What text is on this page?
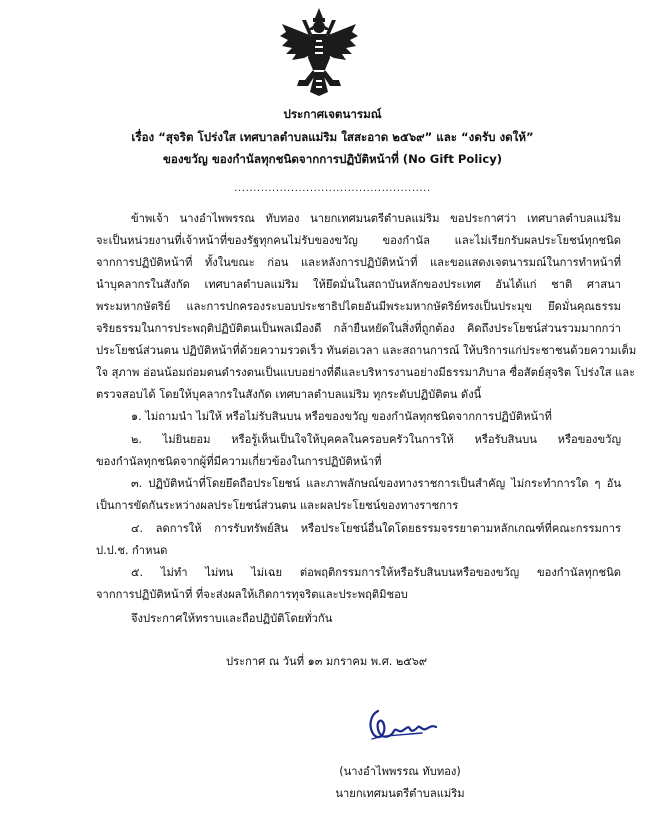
ประกาศเจตนารมณ์
เรื่อง “สุจริต โปร่งใส เทศบาลตำบลแม่ริม ใสสะอาด ๒๕๖๙” และ “งดรับ งดให้”
ของขวัญ ของกำนัลทุกชนิดจากการปฏิบัติหน้าที่ (No Gift Policy)
....................................................
ข้าพเจ้า นางอำไพพรรณ ทับทอง นายกเทศมนตรีตำบลแม่ริม ขอประกาศว่า เทศบาลตำบลแม่ริม
จะเป็นหน่วยงานที่เจ้าหน้าที่ของรัฐทุกคนไม่รับของขวัญ ของกำนัล และไม่เรียกรับผลประโยชน์ทุกชนิด
จากการปฏิบัติหน้าที่ ทั้งในขณะ ก่อน และหลังการปฏิบัติหน้าที่ และขอแสดงเจตนารมณ์ในการทำหน้าที่
นำบุคลากรในสังกัด เทศบาลตำบลแม่ริม ให้ยึดมั่นในสถาบันหลักของประเทศ อันได้แก่ ชาติ ศาสนา
พระมหากษัตริย์ และการปกครองระบอบประชาธิปไตยอันมีพระมหากษัตริย์ทรงเป็นประมุข ยึดมั่นคุณธรรม
จริยธรรมในการประพฤติปฏิบัติตนเป็นพลเมืองดี กล้ายืนหยัดในสิ่งที่ถูกต้อง คิดถึงประโยชน์ส่วนรวมมากกว่า
ประโยชน์ส่วนตน ปฏิบัติหน้าที่ด้วยความรวดเร็ว ทันต่อเวลา และสถานการณ์ ให้บริการแก่ประชาชนด้วยความเต็ม
ใจ สุภาพ อ่อนน้อมถ่อมตนดำรงตนเป็นแบบอย่างที่ดีและบริหารงานอย่างมีธรรมาภิบาล ซื่อสัตย์สุจริต โปร่งใส และ
ตรวจสอบได้ โดยให้บุคลากรในสังกัด เทศบาลตำบลแม่ริม ทุกระดับปฏิบัติตน ดังนี้
๑. ไม่ถามนำ ไม่ให้ หรือไม่รับสินบน หรือของขวัญ ของกำนัลทุกชนิดจากการปฏิบัติหน้าที่
๒. ไม่ยินยอม หรือรู้เห็นเป็นใจให้บุคคลในครอบครัวในการให้ หรือรับสินบน หรือของขวัญ
ของกำนัลทุกชนิดจากผู้ที่มีความเกี่ยวข้องในการปฏิบัติหน้าที่
๓. ปฏิบัติหน้าที่โดยยึดถือประโยชน์ และภาพลักษณ์ของทางราชการเป็นสำคัญ ไม่กระทำการใด ๆ อัน
เป็นการขัดกันระหว่างผลประโยชน์ส่วนตน และผลประโยชน์ของทางราชการ
๔. ลดการให้ การรับทรัพย์สิน หรือประโยชน์อื่นใดโดยธรรมจรรยาตามหลักเกณฑ์ที่คณะกรรมการ
ป.ป.ช. กำหนด
๕. ไม่ทำ ไม่ทน ไม่เฉย ต่อพฤติกรรมการให้หรือรับสินบนหรือของขวัญ ของกำนัลทุกชนิด
จากการปฏิบัติหน้าที่ ที่จะส่งผลให้เกิดการทุจริตและประพฤติมิชอบ
จึงประกาศให้ทราบและถือปฏิบัติโดยทั่วกัน
ประกาศ ณ วันที่ ๑๓ มกราคม พ.ศ. ๒๕๖๙
(นางอำไพพรรณ ทับทอง)
นายกเทศมนตรีตำบลแม่ริม
